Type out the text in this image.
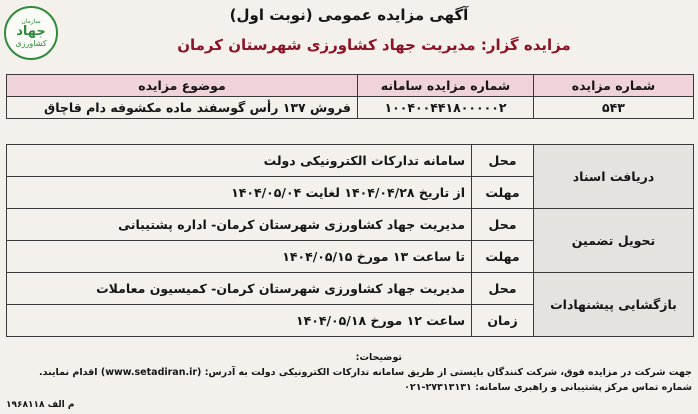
سازمان
جهاد
کشاورزی
آگهی مزایده عمومی (نوبت اول)
مزایده گزار: مدیریت جهاد کشاورزی شهرستان کرمان
شماره مزایده	شماره مزایده سامانه	موضوع مزایده
۵۴۳	۱۰۰۴۰۰۴۴۱۸۰۰۰۰۰۲	فروش ۱۳۷ رأس گوسفند ماده مکشوفه دام قاچاق
دریافت اسناد	محل	سامانه تدارکات الکترونیکی دولت
	مهلت	از تاریخ ۱۴۰۴/۰۴/۲۸ لغایت ۱۴۰۴/۰۵/۰۴
تحویل تضمین	محل	مدیریت جهاد کشاورزی شهرستان کرمان- اداره پشتیبانی
	مهلت	تا ساعت ۱۳ مورخ ۱۴۰۴/۰۵/۱۵
بازگشایی پیشنهادات	محل	مدیریت جهاد کشاورزی شهرستان کرمان- کمیسیون معاملات
	زمان	ساعت ۱۲ مورخ ۱۴۰۴/۰۵/۱۸
توضیحات:
جهت شرکت در مزایده فوق، شرکت کنندگان بایستی از طریق سامانه تدارکات الکترونیکی دولت به آدرس: (www.setadiran.ir) اقدام نمایند.
شماره تماس مرکز پشتیبانی و راهبری سامانه: ۲۷۳۱۳۱۳۱-۰۲۱
م الف ۱۹۶۸۱۱۸
